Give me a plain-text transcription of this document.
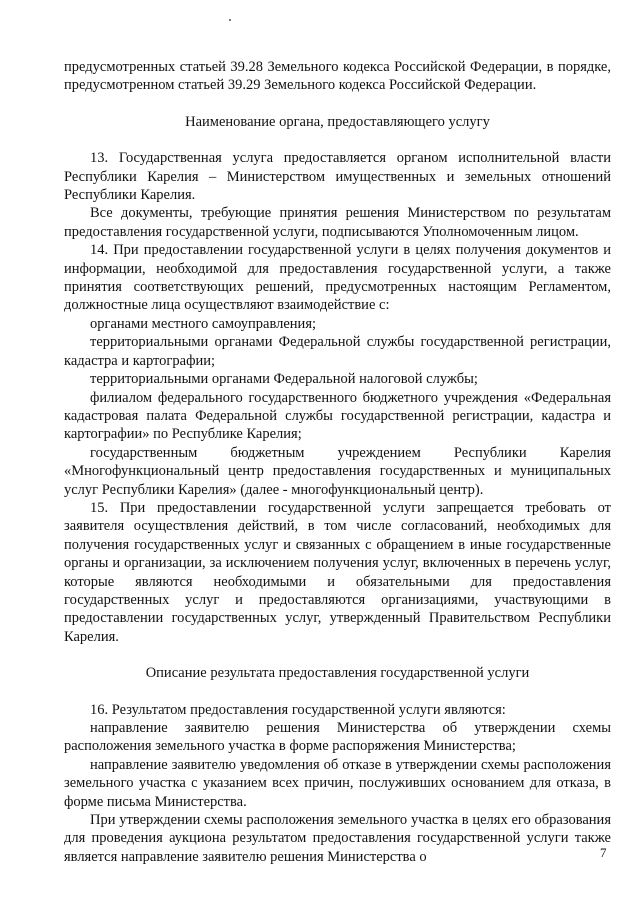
предусмотренных статьей 39.28 Земельного кодекса Российской Федерации, в порядке, предусмотренном статьей 39.29 Земельного кодекса Российской Федерации.

Наименование органа, предоставляющего услугу

13. Государственная услуга предоставляется органом исполнительной власти Республики Карелия – Министерством имущественных и земельных отношений Республики Карелия.

Все документы, требующие принятия решения Министерством по результатам предоставления государственной услуги, подписываются Уполномоченным лицом.

14. При предоставлении государственной услуги в целях получения документов и информации, необходимой для предоставления государственной услуги, а также принятия соответствующих решений, предусмотренных настоящим Регламентом, должностные лица осуществляют взаимодействие с:

органами местного самоуправления;

территориальными органами Федеральной службы государственной регистрации, кадастра и картографии;

территориальными органами Федеральной налоговой службы;

филиалом федерального государственного бюджетного учреждения «Федеральная кадастровая палата Федеральной службы государственной регистрации, кадастра и картографии» по Республике Карелия;

государственным бюджетным учреждением Республики Карелия «Многофункциональный центр предоставления государственных и муниципальных услуг Республики Карелия» (далее - многофункциональный центр).

15. При предоставлении государственной услуги запрещается требовать от заявителя осуществления действий, в том числе согласований, необходимых для получения государственных услуг и связанных с обращением в иные государственные органы и организации, за исключением получения услуг, включенных в перечень услуг, которые являются необходимыми и обязательными для предоставления государственных услуг и предоставляются организациями, участвующими в предоставлении государственных услуг, утвержденный Правительством Республики Карелия.

Описание результата предоставления государственной услуги

16. Результатом предоставления государственной услуги являются:

направление заявителю решения Министерства об утверждении схемы расположения земельного участка в форме распоряжения Министерства;

направление заявителю уведомления об отказе в утверждении схемы расположения земельного участка с указанием всех причин, послуживших основанием для отказа, в форме письма Министерства.

При утверждении схемы расположения земельного участка в целях его образования для проведения аукциона результатом предоставления государственной услуги также является направление заявителю решения Министерства о	7
